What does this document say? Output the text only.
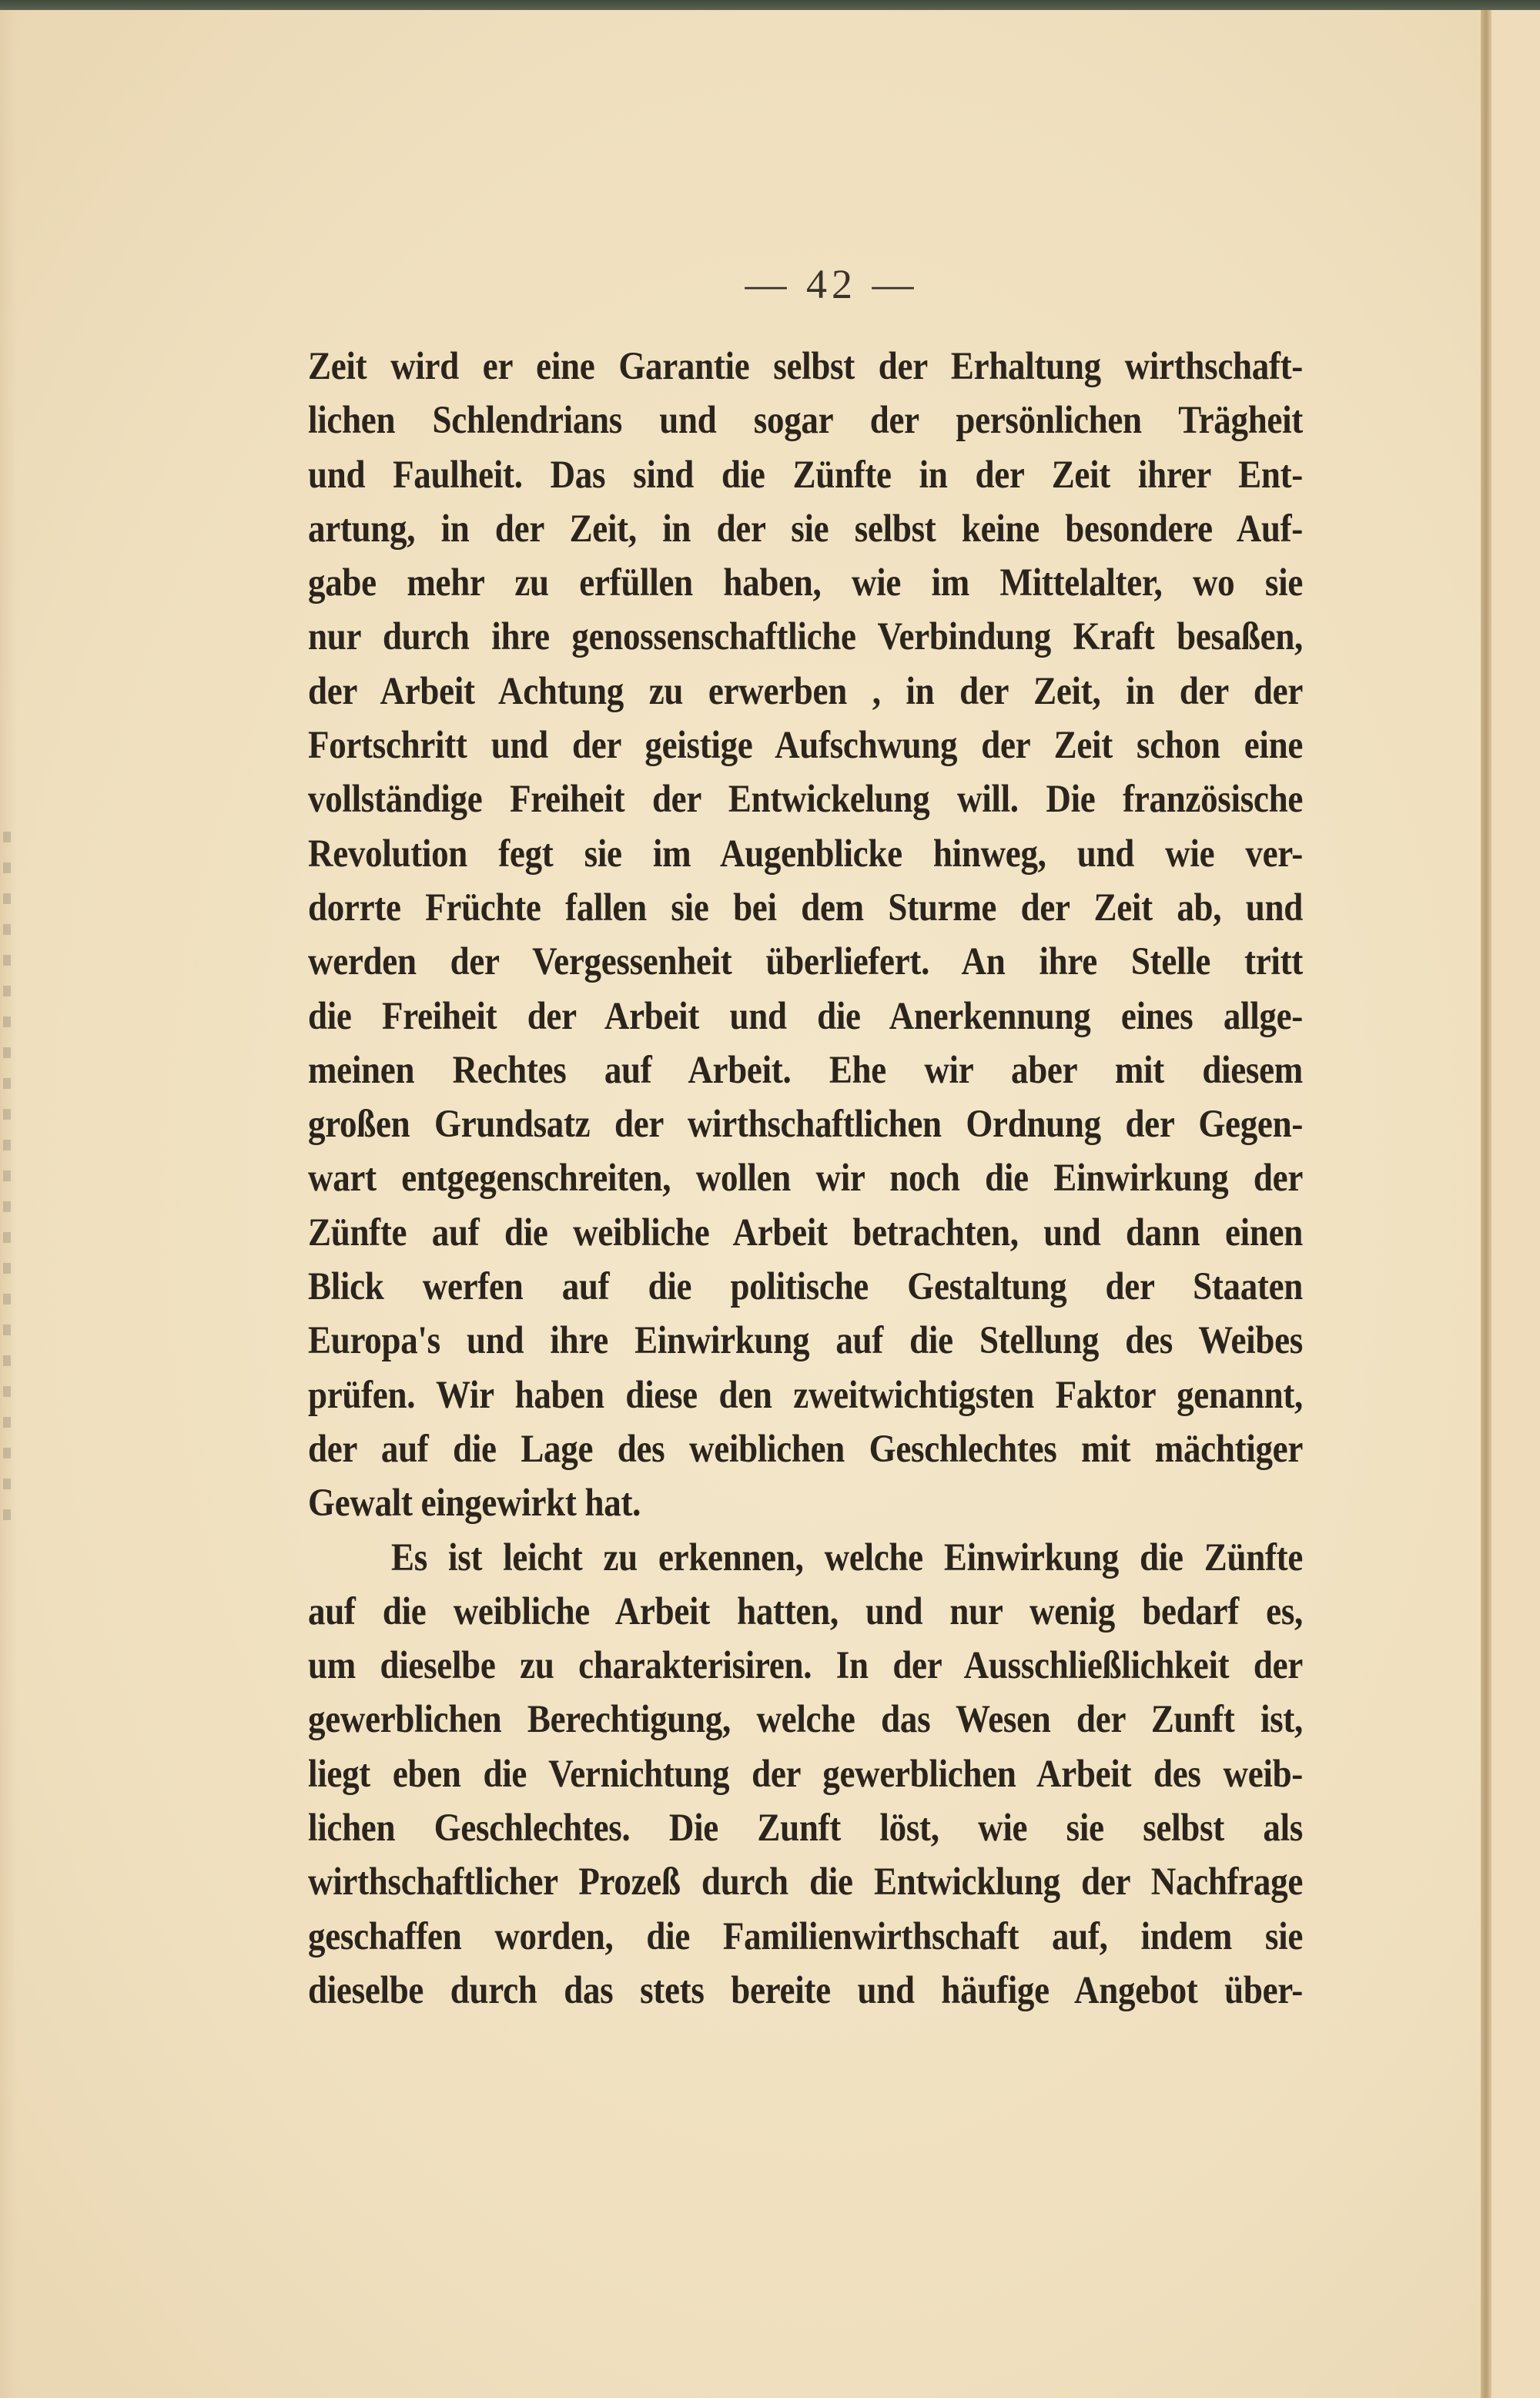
— 42 —
Zeit wird er eine Garantie selbst der Erhaltung wirthschaft-
lichen Schlendrians und sogar der persönlichen Trägheit
und Faulheit. Das sind die Zünfte in der Zeit ihrer Ent-
artung, in der Zeit, in der sie selbst keine besondere Auf-
gabe mehr zu erfüllen haben, wie im Mittelalter, wo sie
nur durch ihre genossenschaftliche Verbindung Kraft besaßen,
der Arbeit Achtung zu erwerben , in der Zeit, in der der
Fortschritt und der geistige Aufschwung der Zeit schon eine
vollständige Freiheit der Entwickelung will. Die französische
Revolution fegt sie im Augenblicke hinweg, und wie ver-
dorrte Früchte fallen sie bei dem Sturme der Zeit ab, und
werden der Vergessenheit überliefert. An ihre Stelle tritt
die Freiheit der Arbeit und die Anerkennung eines allge-
meinen Rechtes auf Arbeit. Ehe wir aber mit diesem
großen Grundsatz der wirthschaftlichen Ordnung der Gegen-
wart entgegenschreiten, wollen wir noch die Einwirkung der
Zünfte auf die weibliche Arbeit betrachten, und dann einen
Blick werfen auf die politische Gestaltung der Staaten
Europa's und ihre Einwirkung auf die Stellung des Weibes
prüfen. Wir haben diese den zweitwichtigsten Faktor genannt,
der auf die Lage des weiblichen Geschlechtes mit mächtiger
Gewalt eingewirkt hat.
Es ist leicht zu erkennen, welche Einwirkung die Zünfte
auf die weibliche Arbeit hatten, und nur wenig bedarf es,
um dieselbe zu charakterisiren. In der Ausschließlichkeit der
gewerblichen Berechtigung, welche das Wesen der Zunft ist,
liegt eben die Vernichtung der gewerblichen Arbeit des weib-
lichen Geschlechtes. Die Zunft löst, wie sie selbst als
wirthschaftlicher Prozeß durch die Entwicklung der Nachfrage
geschaffen worden, die Familienwirthschaft auf, indem sie
dieselbe durch das stets bereite und häufige Angebot über-
